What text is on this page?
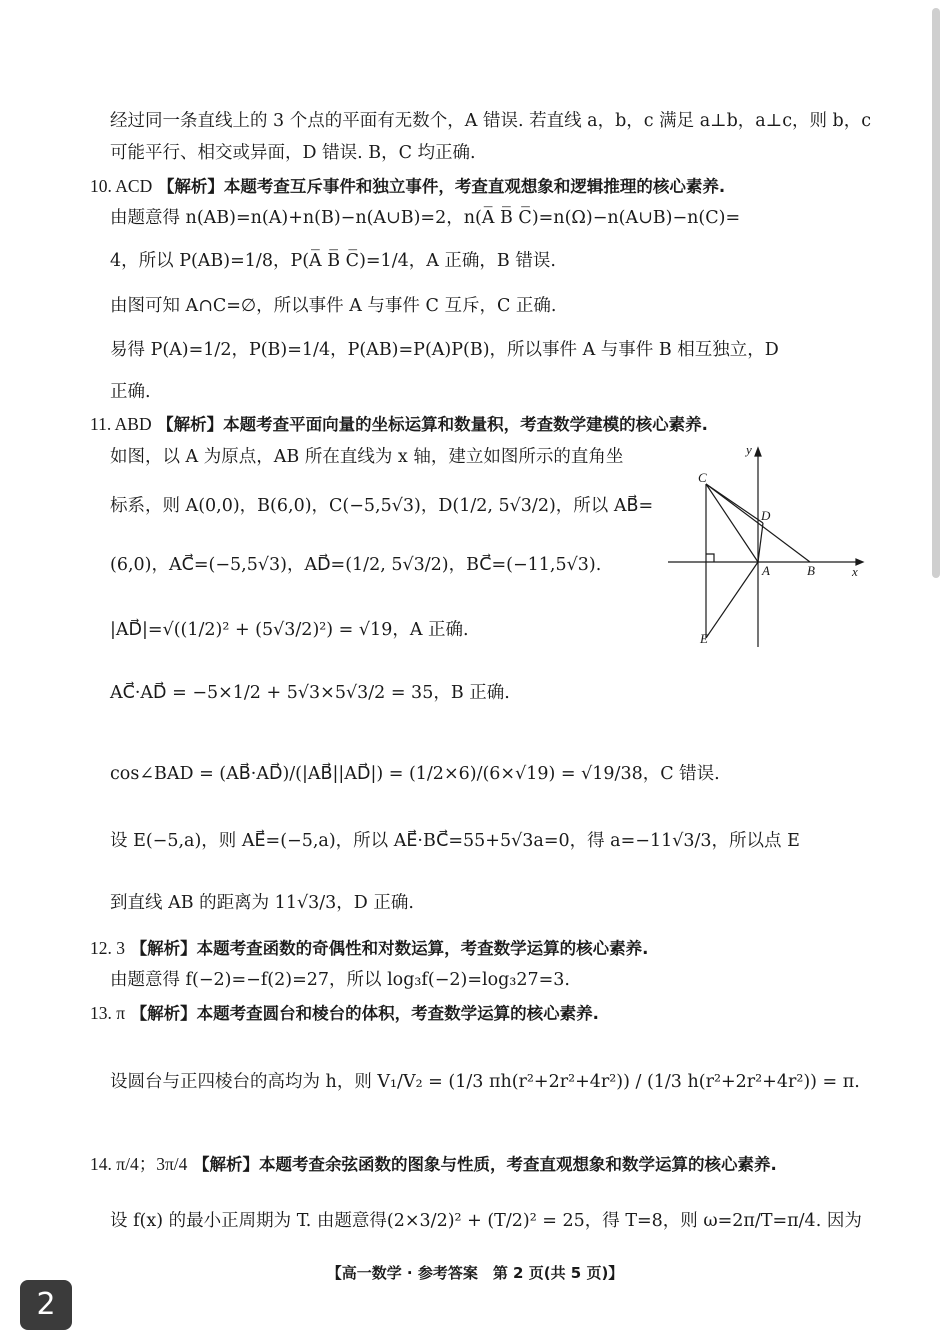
经过同一条直线上的 3 个点的平面有无数个，A 错误. 若直线 a，b，c 满足 a⊥b，a⊥c，则 b，c
可能平行、相交或异面，D 错误. B，C 均正确.
10. ACD 【解析】本题考查互斥事件和独立事件，考查直观想象和逻辑推理的核心素养.
由题意得 n(AB)=n(A)+n(B)−n(A∪B)=2，n(A̅ B̅ C̅)=n(Ω)−n(A∪B)−n(C)=
4，所以 P(AB)=1/8，P(A̅ B̅ C̅)=1/4，A 正确，B 错误.
由图可知 A∩C=∅，所以事件 A 与事件 C 互斥，C 正确.
易得 P(A)=1/2，P(B)=1/4，P(AB)=P(A)P(B)，所以事件 A 与事件 B 相互独立，D
正确.
11. ABD 【解析】本题考查平面向量的坐标运算和数量积，考查数学建模的核心素养.
如图，以 A 为原点，AB 所在直线为 x 轴，建立如图所示的直角坐
标系，则 A(0,0)，B(6,0)，C(−5,5√3)，D(1/2, 5√3/2)，所以 AB⃗=
(6,0)，AC⃗=(−5,5√3)，AD⃗=(1/2, 5√3/2)，BC⃗=(−11,5√3).
|AD⃗|=√((1/2)² + (5√3/2)²) = √19，A 正确.
AC⃗·AD⃗ = −5×1/2 + 5√3×5√3/2 = 35，B 正确.
cos∠BAD = (AB⃗·AD⃗)/(|AB⃗||AD⃗|) = (1/2×6)/(6×√19) = √19/38，C 错误.
设 E(−5,a)，则 AE⃗=(−5,a)，所以 AE⃗·BC⃗=55+5√3a=0，得 a=−11√3/3，所以点 E
到直线 AB 的距离为 11√3/3，D 正确.
12. 3 【解析】本题考查函数的奇偶性和对数运算，考查数学运算的核心素养.
由题意得 f(−2)=−f(2)=27，所以 log₃f(−2)=log₃27=3.
13. π 【解析】本题考查圆台和棱台的体积，考查数学运算的核心素养.
设圆台与正四棱台的高均为 h，则 V₁/V₂ = (1/3 πh(r²+2r²+4r²)) / (1/3 h(r²+2r²+4r²)) = π.
14. π/4；3π/4 【解析】本题考查余弦函数的图象与性质，考查直观想象和数学运算的核心素养.
设 f(x) 的最小正周期为 T. 由题意得(2×3/2)² + (T/2)² = 25，得 T=8，则 ω=2π/T=π/4. 因为
y
x
C
D
A	B
E
【高一数学 · 参考答案　第 2 页(共 5 页)】
2
